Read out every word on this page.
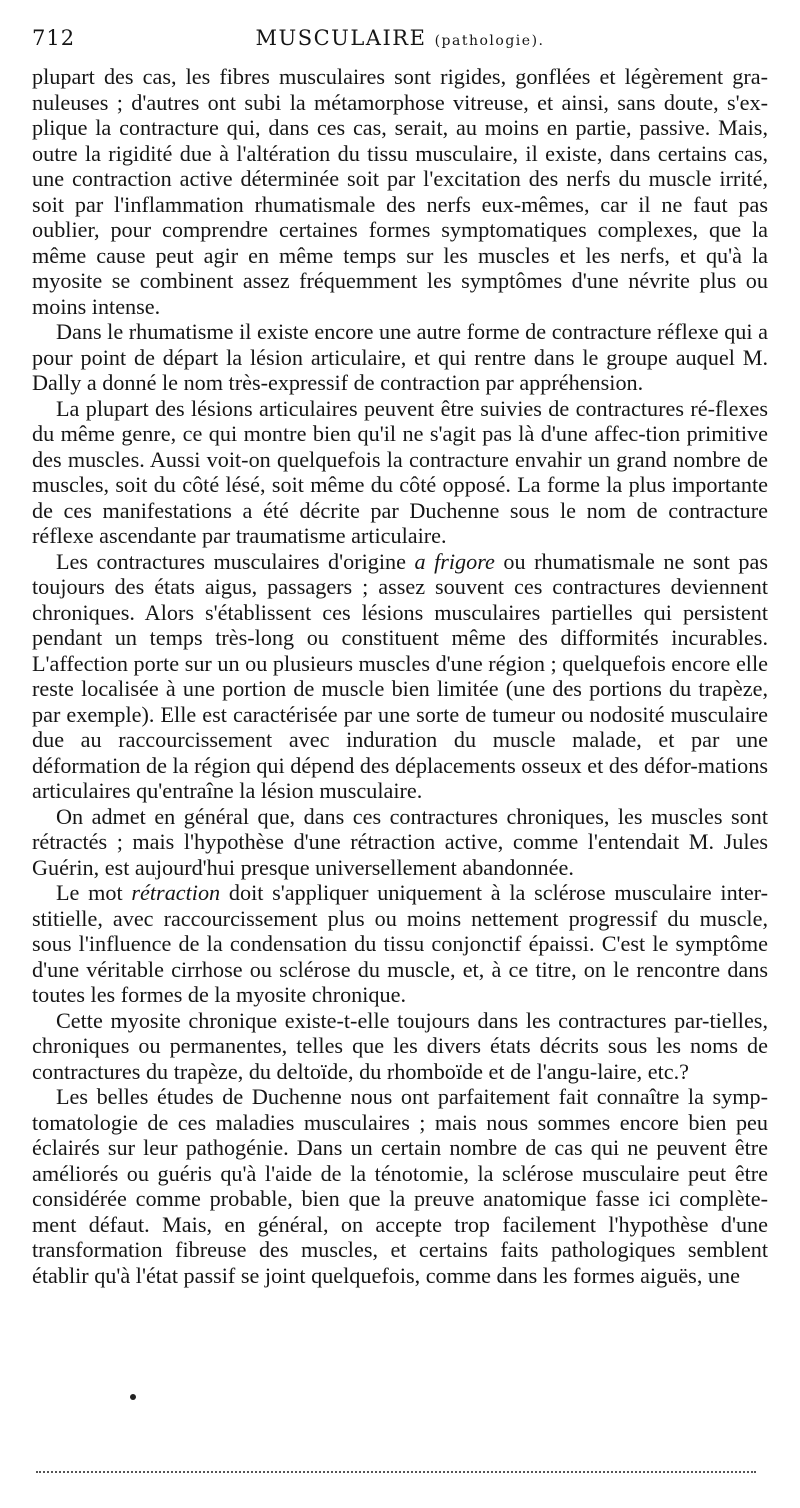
712	MUSCULAIRE (pathologie).

plupart des cas, les fibres musculaires sont rigides, gonflées et légèrement gra-nuleuses ; d'autres ont subi la métamorphose vitreuse, et ainsi, sans doute, s'ex-plique la contracture qui, dans ces cas, serait, au moins en partie, passive. Mais, outre la rigidité due à l'altération du tissu musculaire, il existe, dans certains cas, une contraction active déterminée soit par l'excitation des nerfs du muscle irrité, soit par l'inflammation rhumatismale des nerfs eux-mêmes, car il ne faut pas oublier, pour comprendre certaines formes symptomatiques complexes, que la même cause peut agir en même temps sur les muscles et les nerfs, et qu'à la myosite se combinent assez fréquemment les symptômes d'une névrite plus ou moins intense.

Dans le rhumatisme il existe encore une autre forme de contracture réflexe qui a pour point de départ la lésion articulaire, et qui rentre dans le groupe auquel M. Dally a donné le nom très-expressif de contraction par appréhension.

La plupart des lésions articulaires peuvent être suivies de contractures ré-flexes du même genre, ce qui montre bien qu'il ne s'agit pas là d'une affec-tion primitive des muscles. Aussi voit-on quelquefois la contracture envahir un grand nombre de muscles, soit du côté lésé, soit même du côté opposé. La forme la plus importante de ces manifestations a été décrite par Duchenne sous le nom de contracture réflexe ascendante par traumatisme articulaire.

Les contractures musculaires d'origine a frigore ou rhumatismale ne sont pas toujours des états aigus, passagers ; assez souvent ces contractures deviennent chroniques. Alors s'établissent ces lésions musculaires partielles qui persistent pendant un temps très-long ou constituent même des difformités incurables. L'affection porte sur un ou plusieurs muscles d'une région ; quelquefois encore elle reste localisée à une portion de muscle bien limitée (une des portions du trapèze, par exemple). Elle est caractérisée par une sorte de tumeur ou nodosité musculaire due au raccourcissement avec induration du muscle malade, et par une déformation de la région qui dépend des déplacements osseux et des défor-mations articulaires qu'entraîne la lésion musculaire.

On admet en général que, dans ces contractures chroniques, les muscles sont rétractés ; mais l'hypothèse d'une rétraction active, comme l'entendait M. Jules Guérin, est aujourd'hui presque universellement abandonnée.

Le mot rétraction doit s'appliquer uniquement à la sclérose musculaire inter-stitielle, avec raccourcissement plus ou moins nettement progressif du muscle, sous l'influence de la condensation du tissu conjonctif épaissi. C'est le symptôme d'une véritable cirrhose ou sclérose du muscle, et, à ce titre, on le rencontre dans toutes les formes de la myosite chronique.

Cette myosite chronique existe-t-elle toujours dans les contractures par-tielles, chroniques ou permanentes, telles que les divers états décrits sous les noms de contractures du trapèze, du deltoïde, du rhomboïde et de l'angu-laire, etc.?

Les belles études de Duchenne nous ont parfaitement fait connaître la symp-tomatologie de ces maladies musculaires ; mais nous sommes encore bien peu éclairés sur leur pathogénie. Dans un certain nombre de cas qui ne peuvent être améliorés ou guéris qu'à l'aide de la ténotomie, la sclérose musculaire peut être considérée comme probable, bien que la preuve anatomique fasse ici complète-ment défaut. Mais, en général, on accepte trop facilement l'hypothèse d'une transformation fibreuse des muscles, et certains faits pathologiques semblent établir qu'à l'état passif se joint quelquefois, comme dans les formes aiguës, une
